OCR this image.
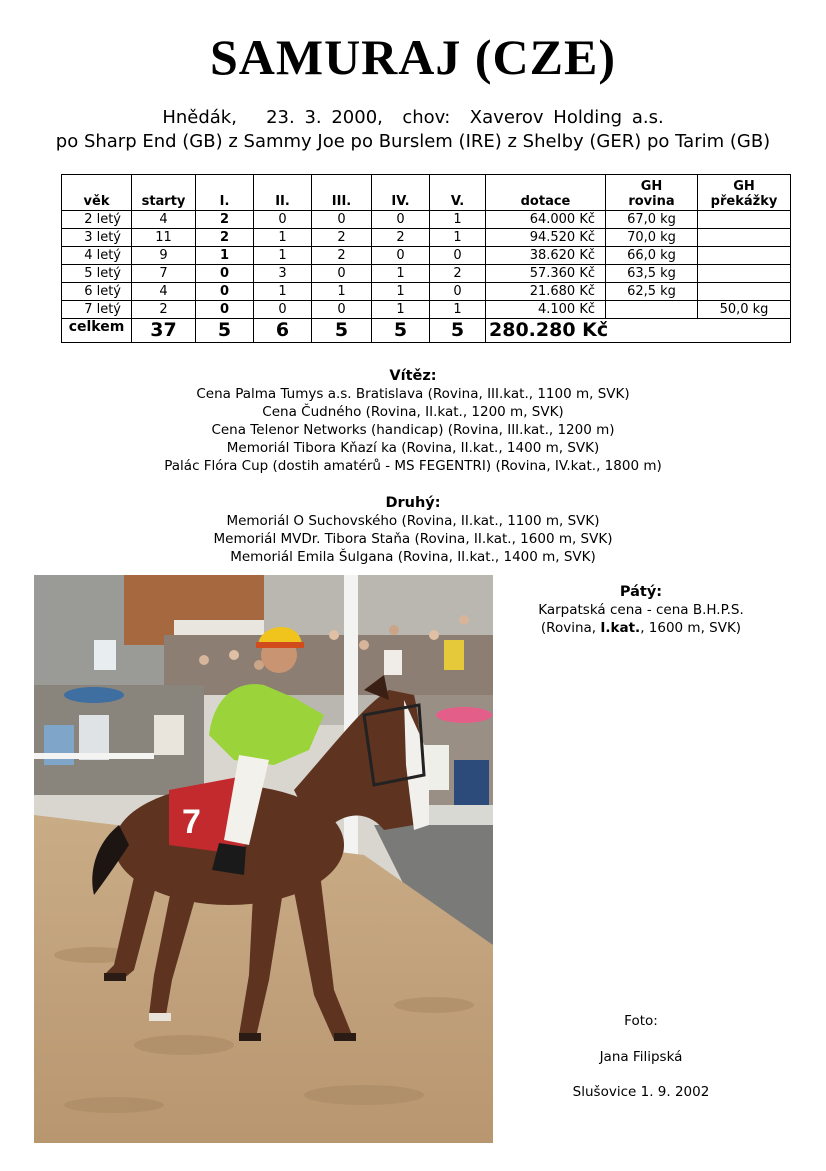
SAMURAJ (CZE)
Hnědák,   23. 3. 2000,  chov:  Xaverov Holding a.s.
po Sharp End (GB) z Sammy Joe po Burslem (IRE) z Shelby (GER) po Tarim (GB)
věk	starty	I.	II.	III.	IV.	V.	dotace	GH rovina	GH překážky
2 letý	4	2	0	0	0	1	64.000 Kč	67,0 kg	
3 letý	11	2	1	2	2	1	94.520 Kč	70,0 kg	
4 letý	9	1	1	2	0	0	38.620 Kč	66,0 kg	
5 letý	7	0	3	0	1	2	57.360 Kč	63,5 kg	
6 letý	4	0	1	1	1	0	21.680 Kč	62,5 kg	
7 letý	2	0	0	0	1	1	4.100 Kč		50,0 kg
celkem	37	5	6	5	5	5	280.280 Kč		
Vítěz:
Cena Palma Tumys a.s. Bratislava (Rovina, III.kat., 1100 m, SVK)
Cena Čudného (Rovina, II.kat., 1200 m, SVK)
Cena Telenor Networks (handicap) (Rovina, III.kat., 1200 m)
Memoriál Tibora Kňazí ka (Rovina, II.kat., 1400 m, SVK)
Palác Flóra Cup (dostih amatérů - MS FEGENTRI) (Rovina, IV.kat., 1800 m)
Druhý:
Memoriál O Suchovského (Rovina, II.kat., 1100 m, SVK)
Memoriál MVDr. Tibora Staňa (Rovina, II.kat., 1600 m, SVK)
Memoriál Emila Šulgana (Rovina, II.kat., 1400 m, SVK)
7
Pátý:
Karpatská cena - cena B.H.P.S.
(Rovina, I.kat., 1600 m, SVK)
Foto:
Jana Filipská
Slušovice 1. 9. 2002
